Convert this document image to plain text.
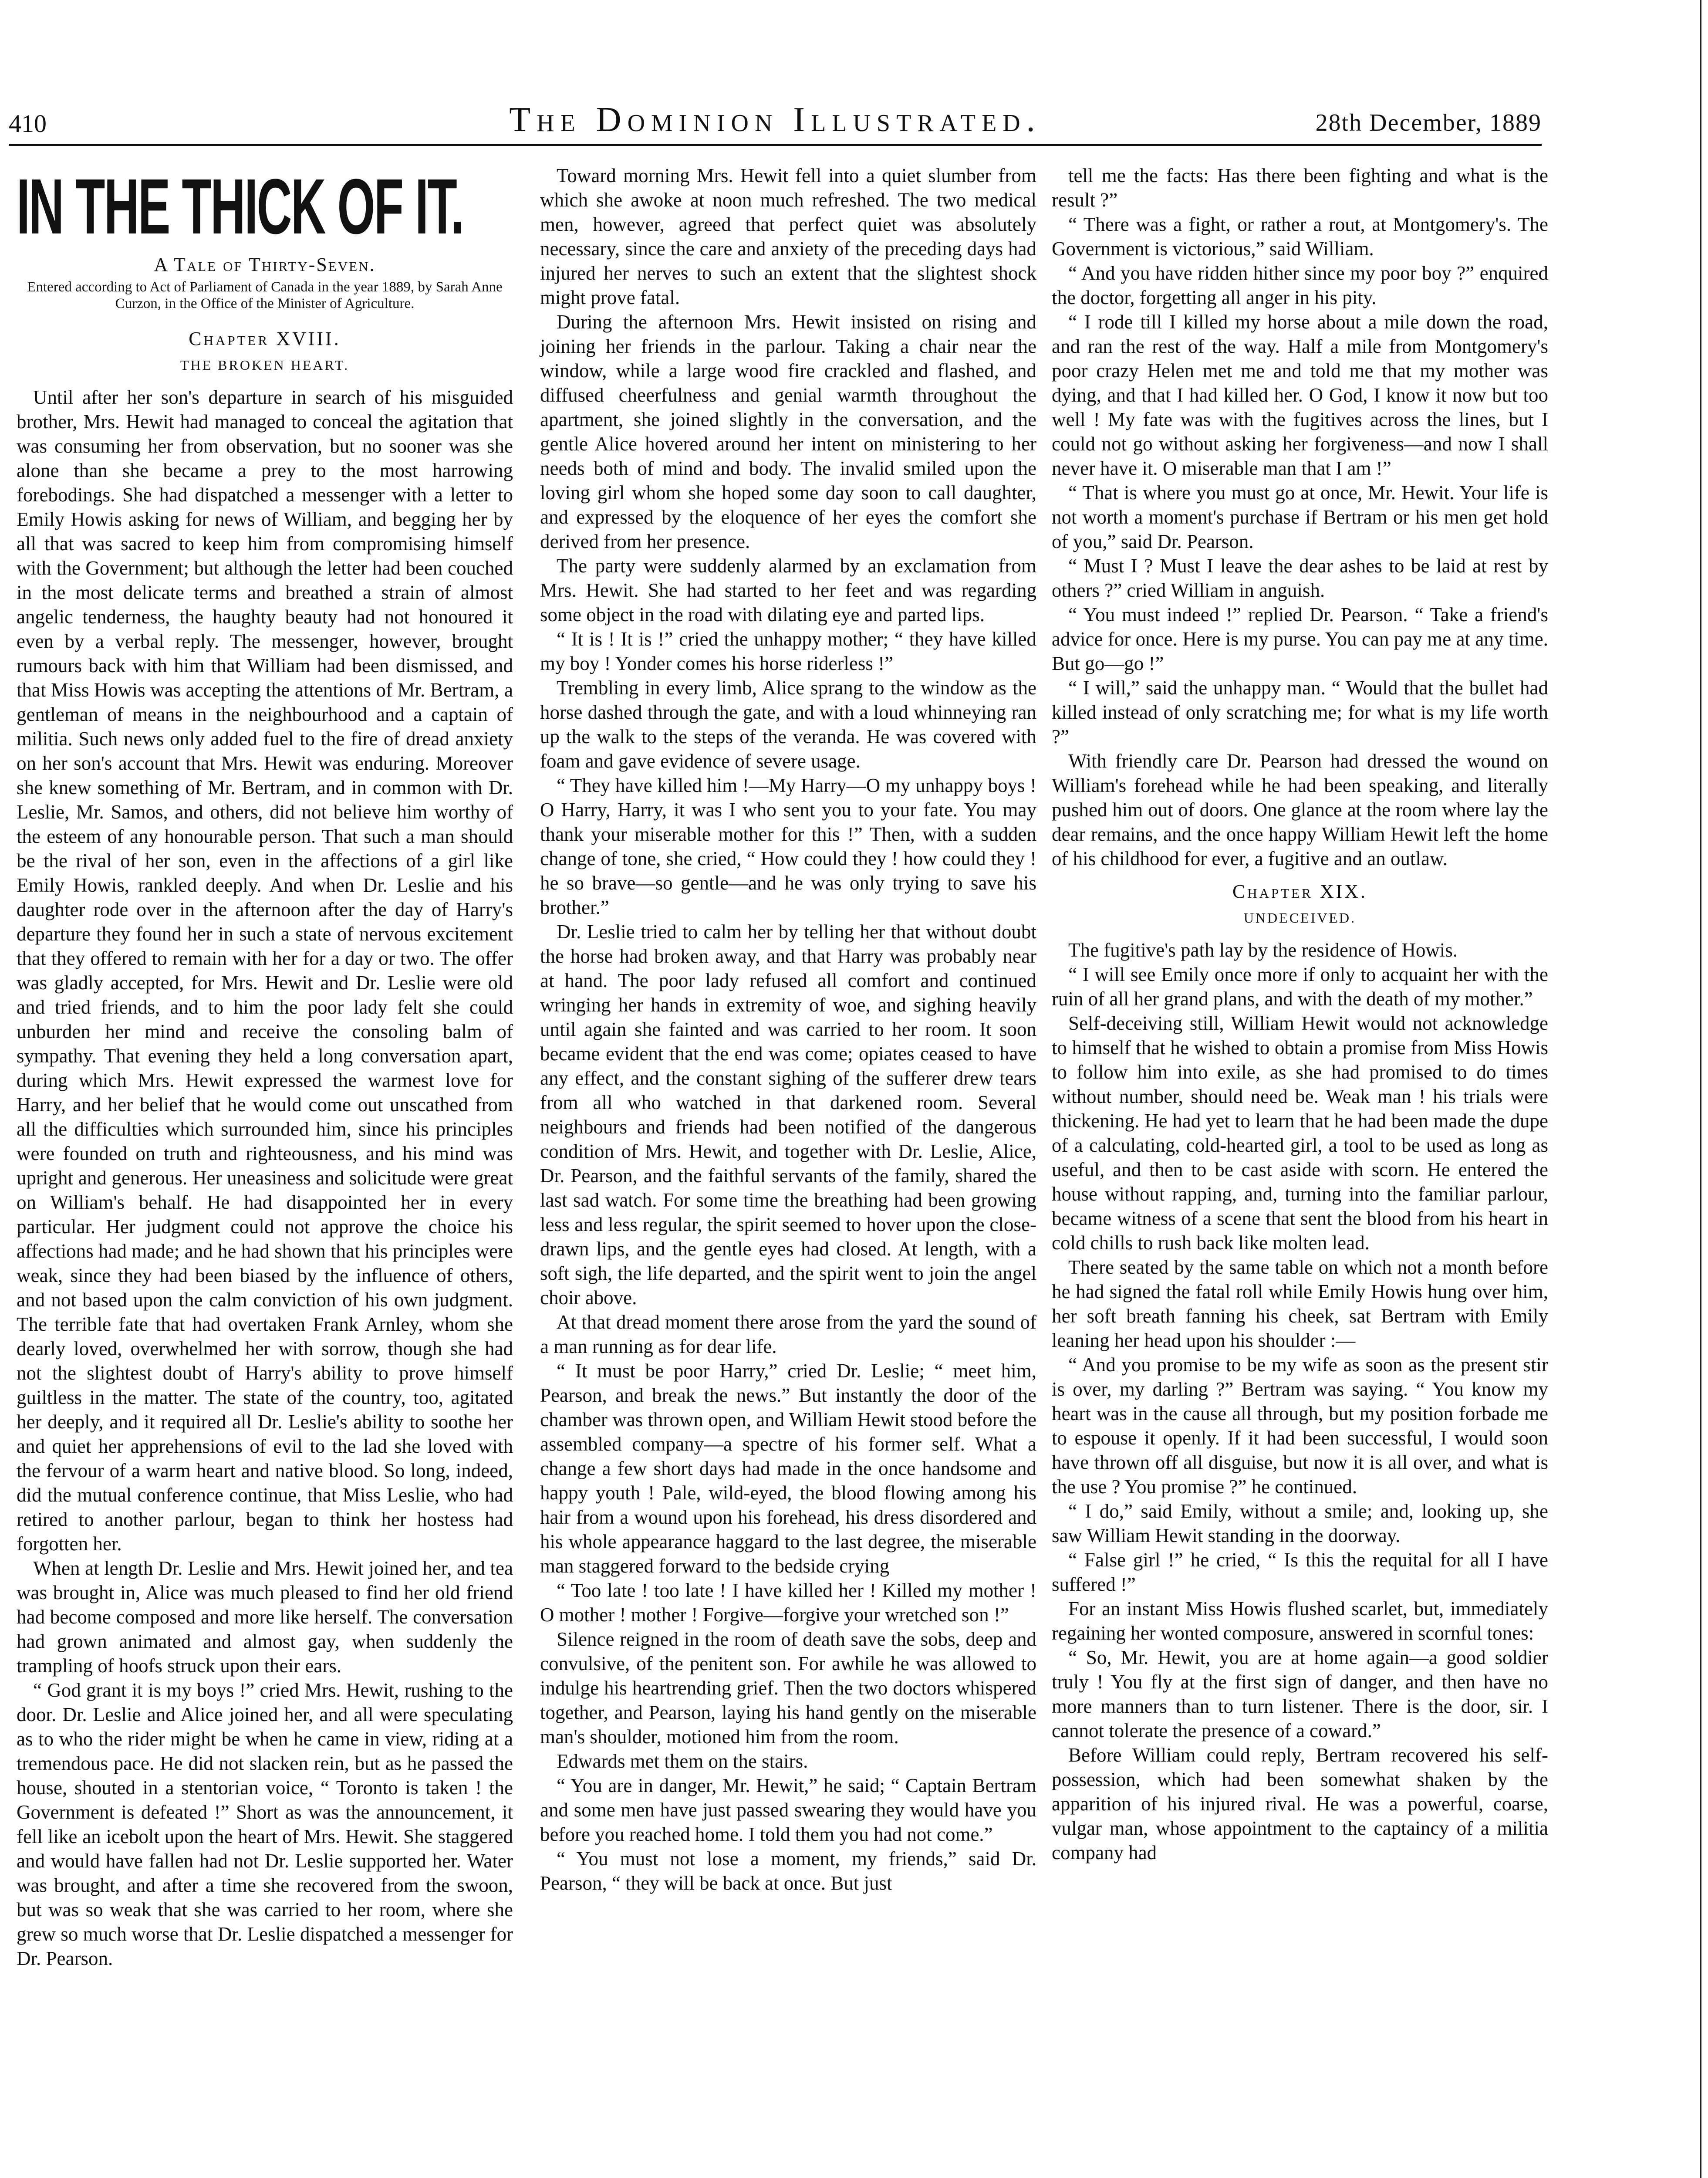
The Dominion Illustrated.
410	28th December, 1889
IN THE THICK OF IT.
A Tale of Thirty-Seven.
Entered according to Act of Parliament of Canada in the year 1889, by Sarah Anne Curzon, in the Office of the Minister of Agriculture.
Chapter XVIII.
THE BROKEN HEART.

Until after her son's departure in search of his misguided brother, Mrs. Hewit had managed to conceal the agitation that was consuming her from observation, but no sooner was she alone than she became a prey to the most harrowing forebodings. She had dispatched a messenger with a letter to Emily Howis asking for news of William, and begging her by all that was sacred to keep him from compromising himself with the Government; but although the letter had been couched in the most delicate terms and breathed a strain of almost angelic tenderness, the haughty beauty had not honoured it even by a verbal reply. The messenger, however, brought rumours back with him that William had been dismissed, and that Miss Howis was accepting the attentions of Mr. Bertram, a gentleman of means in the neighbourhood and a captain of militia. Such news only added fuel to the fire of dread anxiety on her son's account that Mrs. Hewit was enduring. Moreover she knew something of Mr. Bertram, and in common with Dr. Leslie, Mr. Samos, and others, did not believe him worthy of the esteem of any honourable person. That such a man should be the rival of her son, even in the affections of a girl like Emily Howis, rankled deeply. And when Dr. Leslie and his daughter rode over in the afternoon after the day of Harry's departure they found her in such a state of nervous excitement that they offered to remain with her for a day or two. The offer was gladly accepted, for Mrs. Hewit and Dr. Leslie were old and tried friends, and to him the poor lady felt she could unburden her mind and receive the consoling balm of sympathy. That evening they held a long conversation apart, during which Mrs. Hewit expressed the warmest love for Harry, and her belief that he would come out unscathed from all the difficulties which surrounded him, since his principles were founded on truth and righteousness, and his mind was upright and generous. Her uneasiness and solicitude were great on William's behalf. He had disappointed her in every particular. Her judgment could not approve the choice his affections had made; and he had shown that his principles were weak, since they had been biased by the influence of others, and not based upon the calm conviction of his own judgment. The terrible fate that had overtaken Frank Arnley, whom she dearly loved, overwhelmed her with sorrow, though she had not the slightest doubt of Harry's ability to prove himself guiltless in the matter. The state of the country, too, agitated her deeply, and it required all Dr. Leslie's ability to soothe her and quiet her apprehensions of evil to the lad she loved with the fervour of a warm heart and native blood. So long, indeed, did the mutual conference continue, that Miss Leslie, who had retired to another parlour, began to think her hostess had forgotten her.

When at length Dr. Leslie and Mrs. Hewit joined her, and tea was brought in, Alice was much pleased to find her old friend had become composed and more like herself. The conversation had grown animated and almost gay, when suddenly the trampling of hoofs struck upon their ears.

“ God grant it is my boys !” cried Mrs. Hewit, rushing to the door. Dr. Leslie and Alice joined her, and all were speculating as to who the rider might be when he came in view, riding at a tremendous pace. He did not slacken rein, but as he passed the house, shouted in a stentorian voice, “ Toronto is taken ! the Government is defeated !” Short as was the announcement, it fell like an icebolt upon the heart of Mrs. Hewit. She staggered and would have fallen had not Dr. Leslie supported her. Water was brought, and after a time she recovered from the swoon, but was so weak that she was carried to her room, where she grew so much worse that Dr. Leslie dispatched a messenger for Dr. Pearson.

Toward morning Mrs. Hewit fell into a quiet slumber from which she awoke at noon much refreshed. The two medical men, however, agreed that perfect quiet was absolutely necessary, since the care and anxiety of the preceding days had injured her nerves to such an extent that the slightest shock might prove fatal.

During the afternoon Mrs. Hewit insisted on rising and joining her friends in the parlour. Taking a chair near the window, while a large wood fire crackled and flashed, and diffused cheerfulness and genial warmth throughout the apartment, she joined slightly in the conversation, and the gentle Alice hovered around her intent on ministering to her needs both of mind and body. The invalid smiled upon the loving girl whom she hoped some day soon to call daughter, and expressed by the eloquence of her eyes the comfort she derived from her presence.

The party were suddenly alarmed by an exclamation from Mrs. Hewit. She had started to her feet and was regarding some object in the road with dilating eye and parted lips.

“ It is ! It is !” cried the unhappy mother; “ they have killed my boy ! Yonder comes his horse riderless !”

Trembling in every limb, Alice sprang to the window as the horse dashed through the gate, and with a loud whinneying ran up the walk to the steps of the veranda. He was covered with foam and gave evidence of severe usage.

“ They have killed him !—My Harry—O my unhappy boys ! O Harry, Harry, it was I who sent you to your fate. You may thank your miserable mother for this !” Then, with a sudden change of tone, she cried, “ How could they ! how could they ! he so brave—so gentle—and he was only trying to save his brother.”

Dr. Leslie tried to calm her by telling her that without doubt the horse had broken away, and that Harry was probably near at hand. The poor lady refused all comfort and continued wringing her hands in extremity of woe, and sighing heavily until again she fainted and was carried to her room. It soon became evident that the end was come; opiates ceased to have any effect, and the constant sighing of the sufferer drew tears from all who watched in that darkened room. Several neighbours and friends had been notified of the dangerous condition of Mrs. Hewit, and together with Dr. Leslie, Alice, Dr. Pearson, and the faithful servants of the family, shared the last sad watch. For some time the breathing had been growing less and less regular, the spirit seemed to hover upon the close-drawn lips, and the gentle eyes had closed. At length, with a soft sigh, the life departed, and the spirit went to join the angel choir above.

At that dread moment there arose from the yard the sound of a man running as for dear life.

“ It must be poor Harry,” cried Dr. Leslie; “ meet him, Pearson, and break the news.” But instantly the door of the chamber was thrown open, and William Hewit stood before the assembled company—a spectre of his former self. What a change a few short days had made in the once handsome and happy youth ! Pale, wild-eyed, the blood flowing among his hair from a wound upon his forehead, his dress disordered and his whole appearance haggard to the last degree, the miserable man staggered forward to the bedside crying

“ Too late ! too late ! I have killed her ! Killed my mother ! O mother ! mother ! Forgive—forgive your wretched son !”

Silence reigned in the room of death save the sobs, deep and convulsive, of the penitent son. For awhile he was allowed to indulge his heartrending grief. Then the two doctors whispered together, and Pearson, laying his hand gently on the miserable man's shoulder, motioned him from the room.

Edwards met them on the stairs.

“ You are in danger, Mr. Hewit,” he said; “ Captain Bertram and some men have just passed swearing they would have you before you reached home. I told them you had not come.”

“ You must not lose a moment, my friends,” said Dr. Pearson, “ they will be back at once. But just

tell me the facts: Has there been fighting and what is the result ?”

“ There was a fight, or rather a rout, at Montgomery's. The Government is victorious,” said William.

“ And you have ridden hither since my poor boy ?” enquired the doctor, forgetting all anger in his pity.

“ I rode till I killed my horse about a mile down the road, and ran the rest of the way. Half a mile from Montgomery's poor crazy Helen met me and told me that my mother was dying, and that I had killed her. O God, I know it now but too well ! My fate was with the fugitives across the lines, but I could not go without asking her forgiveness—and now I shall never have it. O miserable man that I am !”

“ That is where you must go at once, Mr. Hewit. Your life is not worth a moment's purchase if Bertram or his men get hold of you,” said Dr. Pearson.

“ Must I ? Must I leave the dear ashes to be laid at rest by others ?” cried William in anguish.

“ You must indeed !” replied Dr. Pearson. “ Take a friend's advice for once. Here is my purse. You can pay me at any time. But go—go !”

“ I will,” said the unhappy man. “ Would that the bullet had killed instead of only scratching me; for what is my life worth ?”

With friendly care Dr. Pearson had dressed the wound on William's forehead while he had been speaking, and literally pushed him out of doors. One glance at the room where lay the dear remains, and the once happy William Hewit left the home of his childhood for ever, a fugitive and an outlaw.

Chapter XIX.
UNDECEIVED.

The fugitive's path lay by the residence of Howis.

“ I will see Emily once more if only to acquaint her with the ruin of all her grand plans, and with the death of my mother.”

Self-deceiving still, William Hewit would not acknowledge to himself that he wished to obtain a promise from Miss Howis to follow him into exile, as she had promised to do times without number, should need be. Weak man ! his trials were thickening. He had yet to learn that he had been made the dupe of a calculating, cold-hearted girl, a tool to be used as long as useful, and then to be cast aside with scorn. He entered the house without rapping, and, turning into the familiar parlour, became witness of a scene that sent the blood from his heart in cold chills to rush back like molten lead.

There seated by the same table on which not a month before he had signed the fatal roll while Emily Howis hung over him, her soft breath fanning his cheek, sat Bertram with Emily leaning her head upon his shoulder :—

“ And you promise to be my wife as soon as the present stir is over, my darling ?” Bertram was saying. “ You know my heart was in the cause all through, but my position forbade me to espouse it openly. If it had been successful, I would soon have thrown off all disguise, but now it is all over, and what is the use ? You promise ?” he continued.

“ I do,” said Emily, without a smile; and, looking up, she saw William Hewit standing in the doorway.

“ False girl !” he cried, “ Is this the requital for all I have suffered !”

For an instant Miss Howis flushed scarlet, but, immediately regaining her wonted composure, answered in scornful tones:

“ So, Mr. Hewit, you are at home again—a good soldier truly ! You fly at the first sign of danger, and then have no more manners than to turn listener. There is the door, sir. I cannot tolerate the presence of a coward.”

Before William could reply, Bertram recovered his self-possession, which had been somewhat shaken by the apparition of his injured rival. He was a powerful, coarse, vulgar man, whose appointment to the captaincy of a militia company had
